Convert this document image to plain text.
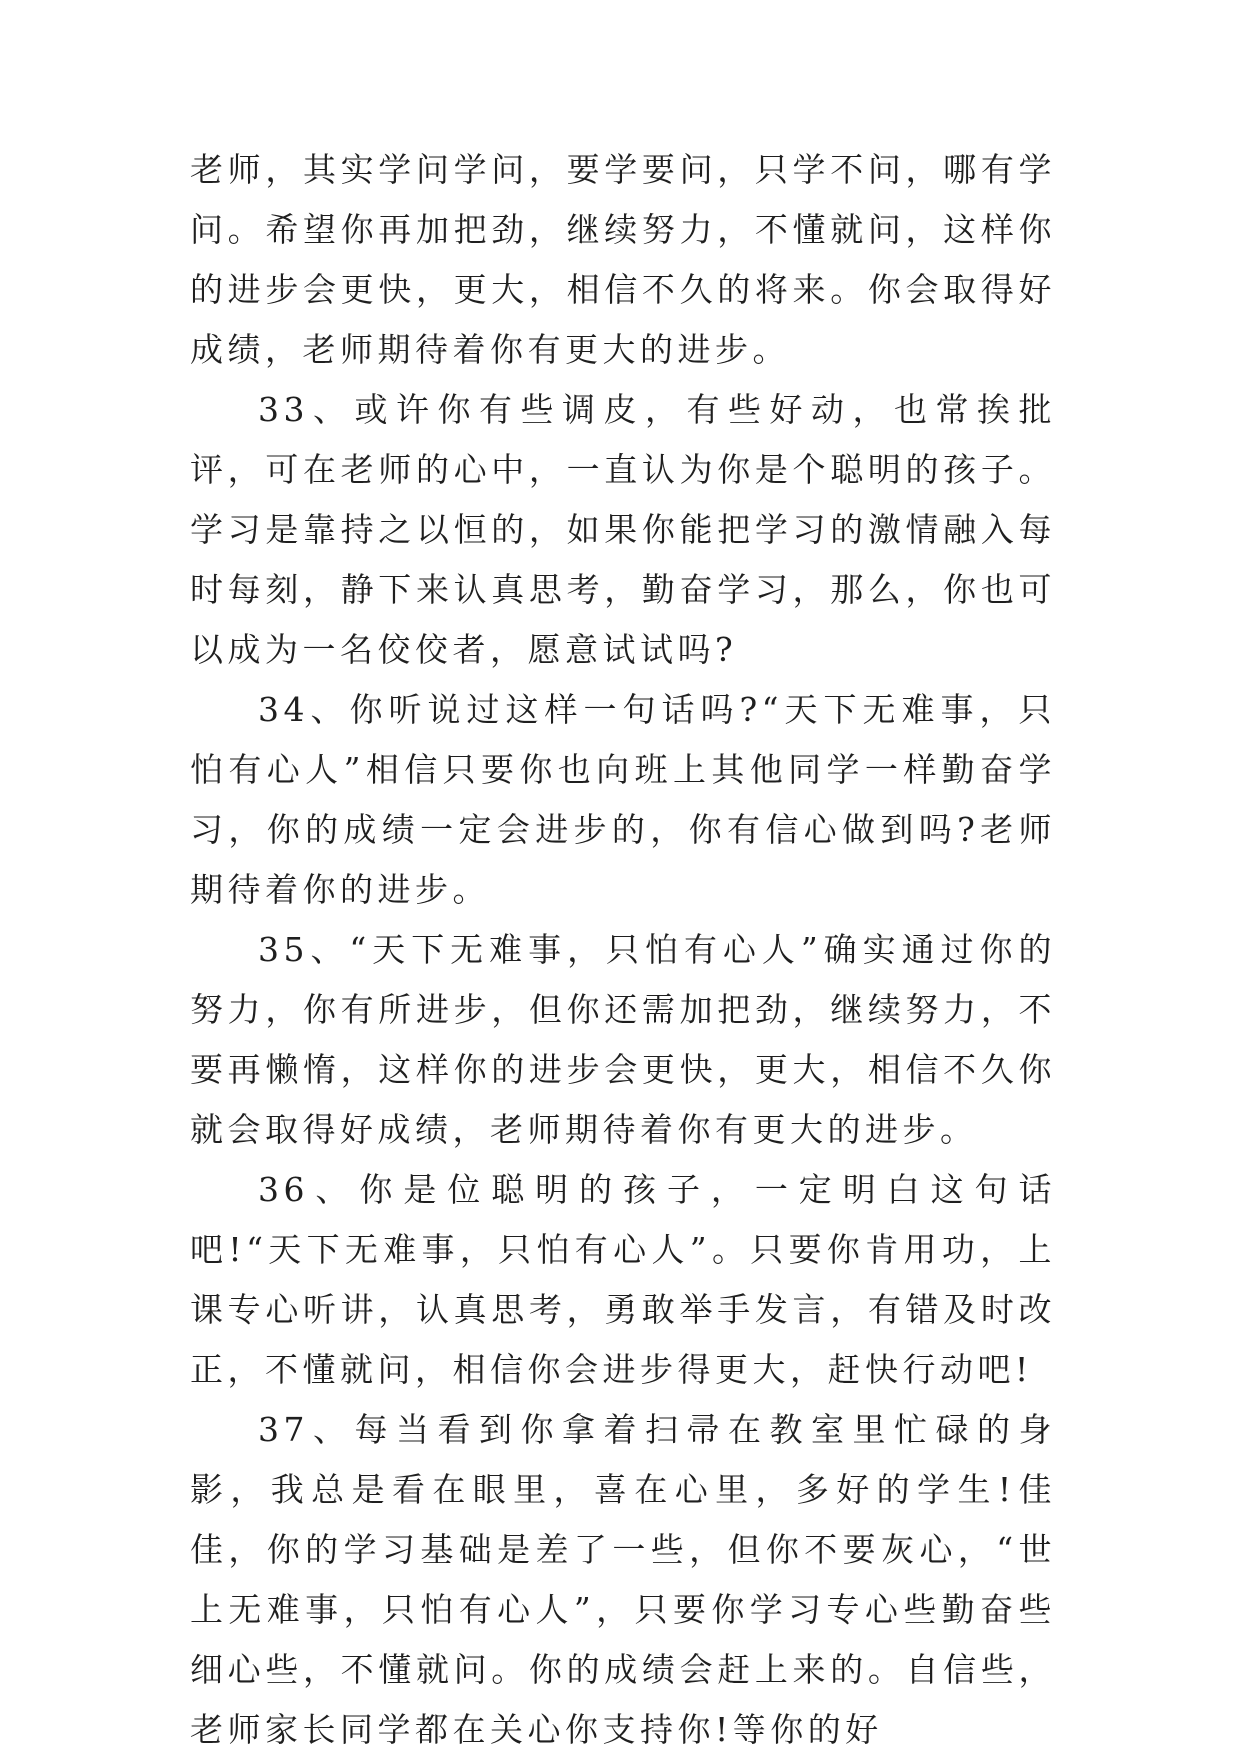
老师，其实学问学问，要学要问，只学不问，哪有学问。希望你再加把劲，继续努力，不懂就问，这样你的进步会更快，更大，相信不久的将来。你会取得好成绩，老师期待着你有更大的进步。

33、或许你有些调皮，有些好动，也常挨批评，可在老师的心中，一直认为你是个聪明的孩子。学习是靠持之以恒的，如果你能把学习的激情融入每时每刻，静下来认真思考，勤奋学习，那么，你也可以成为一名佼佼者，愿意试试吗?

34、你听说过这样一句话吗?“天下无难事，只怕有心人”相信只要你也向班上其他同学一样勤奋学习，你的成绩一定会进步的，你有信心做到吗?老师期待着你的进步。

35、“天下无难事，只怕有心人”确实通过你的努力，你有所进步，但你还需加把劲，继续努力，不要再懒惰，这样你的进步会更快，更大，相信不久你就会取得好成绩，老师期待着你有更大的进步。

36、你是位聪明的孩子，一定明白这句话吧!“天下无难事，只怕有心人”。只要你肯用功，上课专心听讲，认真思考，勇敢举手发言，有错及时改正，不懂就问，相信你会进步得更大，赶快行动吧!

37、每当看到你拿着扫帚在教室里忙碌的身影，我总是看在眼里，喜在心里，多好的学生!佳佳，你的学习基础是差了一些，但你不要灰心，“世上无难事，只怕有心人”，只要你学习专心些勤奋些细心些，不懂就问。你的成绩会赶上来的。自信些，老师家长同学都在关心你支持你!等你的好
